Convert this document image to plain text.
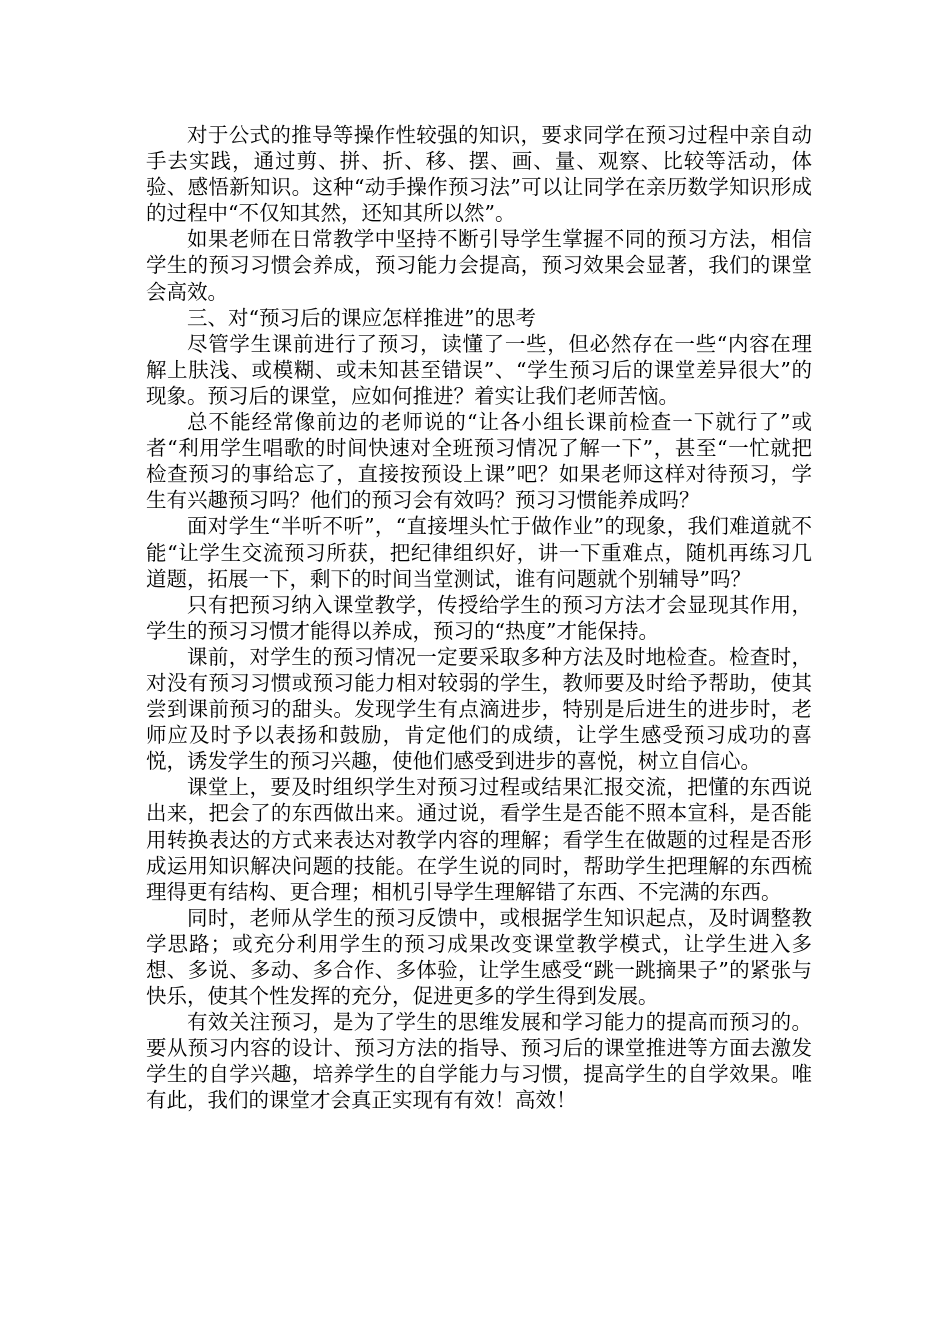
对于公式的推导等操作性较强的知识，要求同学在预习过程中亲自动手去实践，通过剪、拼、折、移、摆、画、量、观察、比较等活动，体验、感悟新知识。这种“动手操作预习法”可以让同学在亲历数学知识形成的过程中“不仅知其然，还知其所以然”。

如果老师在日常教学中坚持不断引导学生掌握不同的预习方法，相信学生的预习习惯会养成，预习能力会提高，预习效果会显著，我们的课堂会高效。

三、对“预习后的课应怎样推进”的思考

尽管学生课前进行了预习，读懂了一些，但必然存在一些“内容在理解上肤浅、或模糊、或未知甚至错误”、“学生预习后的课堂差异很大”的现象。预习后的课堂，应如何推进？着实让我们老师苦恼。

总不能经常像前边的老师说的“让各小组长课前检查一下就行了”或者“利用学生唱歌的时间快速对全班预习情况了解一下”，甚至“一忙就把检查预习的事给忘了，直接按预设上课”吧？如果老师这样对待预习，学生有兴趣预习吗？他们的预习会有效吗？预习习惯能养成吗？

面对学生“半听不听”，“直接埋头忙于做作业”的现象，我们难道就不能“让学生交流预习所获，把纪律组织好，讲一下重难点，随机再练习几道题，拓展一下，剩下的时间当堂测试，谁有问题就个别辅导”吗？

只有把预习纳入课堂教学，传授给学生的预习方法才会显现其作用，学生的预习习惯才能得以养成，预习的“热度”才能保持。

课前，对学生的预习情况一定要采取多种方法及时地检查。检查时，对没有预习习惯或预习能力相对较弱的学生，教师要及时给予帮助，使其尝到课前预习的甜头。发现学生有点滴进步，特别是后进生的进步时，老师应及时予以表扬和鼓励，肯定他们的成绩，让学生感受预习成功的喜悦，诱发学生的预习兴趣，使他们感受到进步的喜悦，树立自信心。

课堂上，要及时组织学生对预习过程或结果汇报交流，把懂的东西说出来，把会了的东西做出来。通过说，看学生是否能不照本宣科，是否能用转换表达的方式来表达对教学内容的理解；看学生在做题的过程是否形成运用知识解决问题的技能。在学生说的同时，帮助学生把理解的东西梳理得更有结构、更合理；相机引导学生理解错了东西、不完满的东西。

同时，老师从学生的预习反馈中，或根据学生知识起点，及时调整教学思路；或充分利用学生的预习成果改变课堂教学模式，让学生进入多想、多说、多动、多合作、多体验，让学生感受“跳一跳摘果子”的紧张与快乐，使其个性发挥的充分，促进更多的学生得到发展。

有效关注预习，是为了学生的思维发展和学习能力的提高而预习的。要从预习内容的设计、预习方法的指导、预习后的课堂推进等方面去激发学生的自学兴趣，培养学生的自学能力与习惯，提高学生的自学效果。唯有此，我们的课堂才会真正实现有有效！高效！
